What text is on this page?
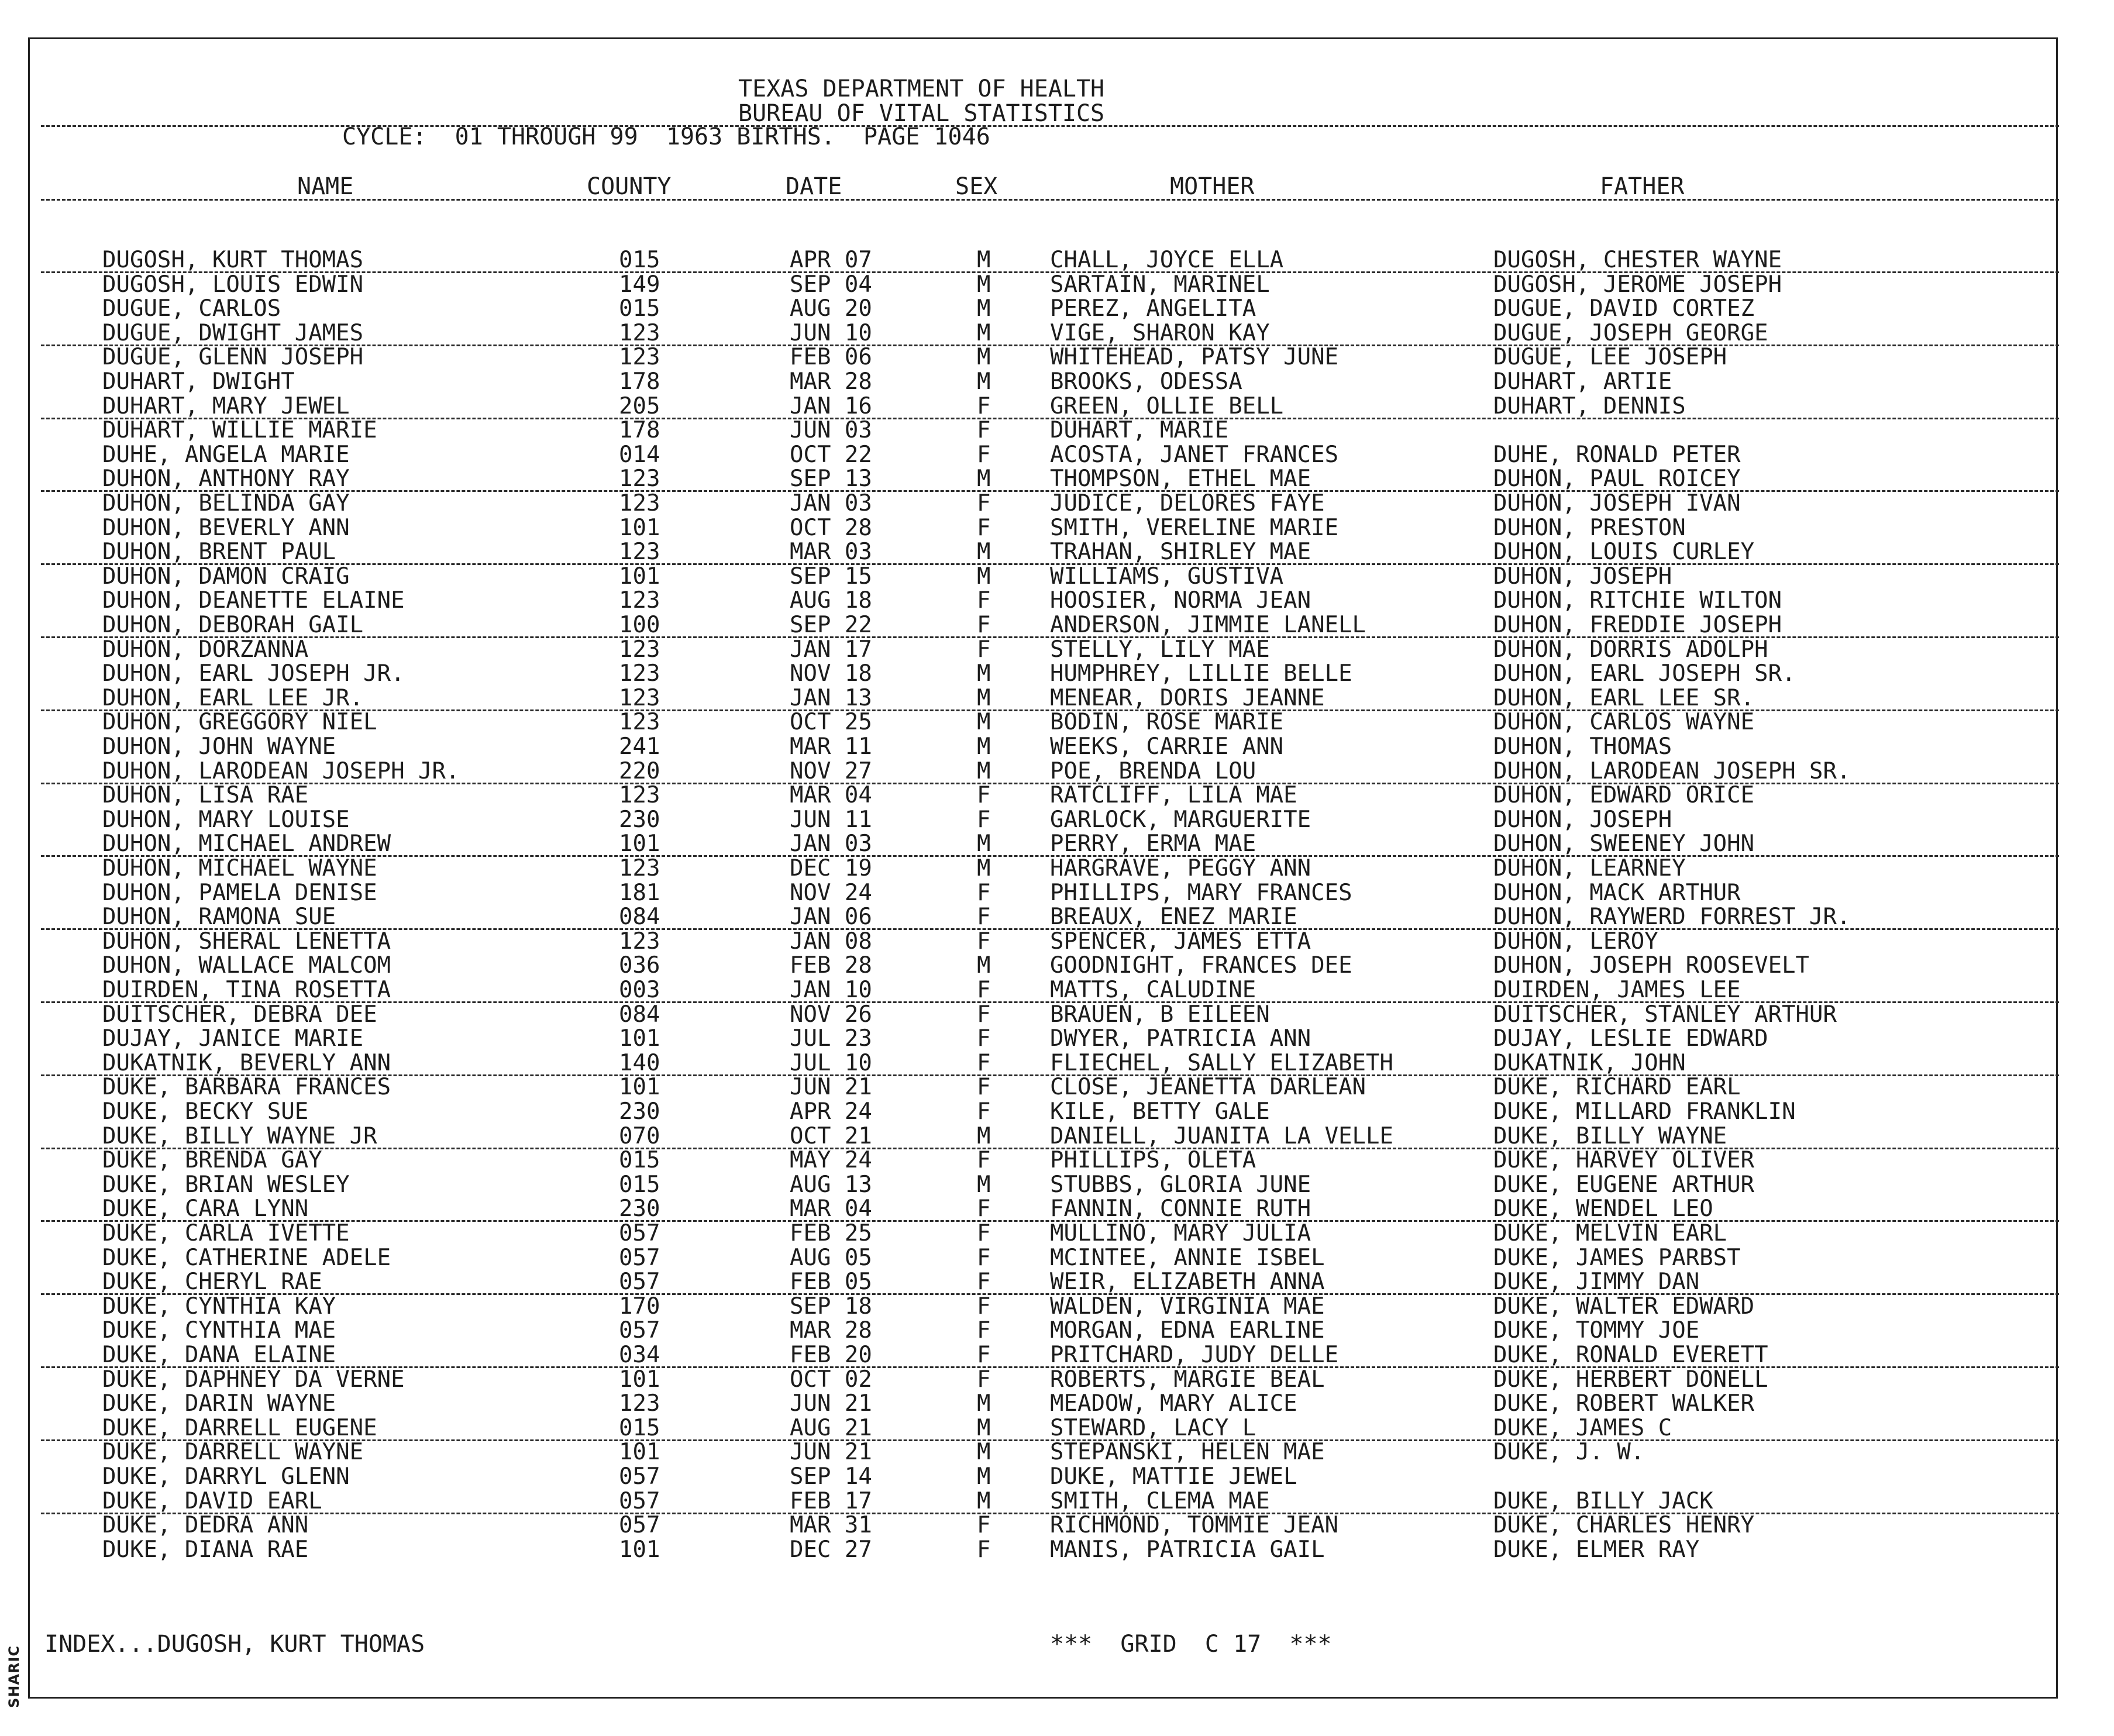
SHARIC
TEXAS DEPARTMENT OF HEALTH
BUREAU OF VITAL STATISTICS
CYCLE:  01 THROUGH 99  1963 BIRTHS.  PAGE 1046
NAME	COUNTY	DATE	SEX	MOTHER	FATHER
DUGOSH, KURT THOMAS	015	APR 07	M	CHALL, JOYCE ELLA	DUGOSH, CHESTER WAYNE
DUGOSH, LOUIS EDWIN	149	SEP 04	M	SARTAIN, MARINEL	DUGOSH, JEROME JOSEPH
DUGUE, CARLOS	015	AUG 20	M	PEREZ, ANGELITA	DUGUE, DAVID CORTEZ
DUGUE, DWIGHT JAMES	123	JUN 10	M	VIGE, SHARON KAY	DUGUE, JOSEPH GEORGE
DUGUE, GLENN JOSEPH	123	FEB 06	M	WHITEHEAD, PATSY JUNE	DUGUE, LEE JOSEPH
DUHART, DWIGHT	178	MAR 28	M	BROOKS, ODESSA	DUHART, ARTIE
DUHART, MARY JEWEL	205	JAN 16	F	GREEN, OLLIE BELL	DUHART, DENNIS
DUHART, WILLIE MARIE	178	JUN 03	F	DUHART, MARIE
DUHE, ANGELA MARIE	014	OCT 22	F	ACOSTA, JANET FRANCES	DUHE, RONALD PETER
DUHON, ANTHONY RAY	123	SEP 13	M	THOMPSON, ETHEL MAE	DUHON, PAUL ROICEY
DUHON, BELINDA GAY	123	JAN 03	F	JUDICE, DELORES FAYE	DUHON, JOSEPH IVAN
DUHON, BEVERLY ANN	101	OCT 28	F	SMITH, VERELINE MARIE	DUHON, PRESTON
DUHON, BRENT PAUL	123	MAR 03	M	TRAHAN, SHIRLEY MAE	DUHON, LOUIS CURLEY
DUHON, DAMON CRAIG	101	SEP 15	M	WILLIAMS, GUSTIVA	DUHON, JOSEPH
DUHON, DEANETTE ELAINE	123	AUG 18	F	HOOSIER, NORMA JEAN	DUHON, RITCHIE WILTON
DUHON, DEBORAH GAIL	100	SEP 22	F	ANDERSON, JIMMIE LANELL	DUHON, FREDDIE JOSEPH
DUHON, DORZANNA	123	JAN 17	F	STELLY, LILY MAE	DUHON, DORRIS ADOLPH
DUHON, EARL JOSEPH JR.	123	NOV 18	M	HUMPHREY, LILLIE BELLE	DUHON, EARL JOSEPH SR.
DUHON, EARL LEE JR.	123	JAN 13	M	MENEAR, DORIS JEANNE	DUHON, EARL LEE SR.
DUHON, GREGGORY NIEL	123	OCT 25	M	BODIN, ROSE MARIE	DUHON, CARLOS WAYNE
DUHON, JOHN WAYNE	241	MAR 11	M	WEEKS, CARRIE ANN	DUHON, THOMAS
DUHON, LARODEAN JOSEPH JR.	220	NOV 27	M	POE, BRENDA LOU	DUHON, LARODEAN JOSEPH SR.
DUHON, LISA RAE	123	MAR 04	F	RATCLIFF, LILA MAE	DUHON, EDWARD ORICE
DUHON, MARY LOUISE	230	JUN 11	F	GARLOCK, MARGUERITE	DUHON, JOSEPH
DUHON, MICHAEL ANDREW	101	JAN 03	M	PERRY, ERMA MAE	DUHON, SWEENEY JOHN
DUHON, MICHAEL WAYNE	123	DEC 19	M	HARGRAVE, PEGGY ANN	DUHON, LEARNEY
DUHON, PAMELA DENISE	181	NOV 24	F	PHILLIPS, MARY FRANCES	DUHON, MACK ARTHUR
DUHON, RAMONA SUE	084	JAN 06	F	BREAUX, ENEZ MARIE	DUHON, RAYWERD FORREST JR.
DUHON, SHERAL LENETTA	123	JAN 08	F	SPENCER, JAMES ETTA	DUHON, LEROY
DUHON, WALLACE MALCOM	036	FEB 28	M	GOODNIGHT, FRANCES DEE	DUHON, JOSEPH ROOSEVELT
DUIRDEN, TINA ROSETTA	003	JAN 10	F	MATTS, CALUDINE	DUIRDEN, JAMES LEE
DUITSCHER, DEBRA DEE	084	NOV 26	F	BRAUEN, B EILEEN	DUITSCHER, STANLEY ARTHUR
DUJAY, JANICE MARIE	101	JUL 23	F	DWYER, PATRICIA ANN	DUJAY, LESLIE EDWARD
DUKATNIK, BEVERLY ANN	140	JUL 10	F	FLIECHEL, SALLY ELIZABETH	DUKATNIK, JOHN
DUKE, BARBARA FRANCES	101	JUN 21	F	CLOSE, JEANETTA DARLEAN	DUKE, RICHARD EARL
DUKE, BECKY SUE	230	APR 24	F	KILE, BETTY GALE	DUKE, MILLARD FRANKLIN
DUKE, BILLY WAYNE JR	070	OCT 21	M	DANIELL, JUANITA LA VELLE	DUKE, BILLY WAYNE
DUKE, BRENDA GAY	015	MAY 24	F	PHILLIPS, OLETA	DUKE, HARVEY OLIVER
DUKE, BRIAN WESLEY	015	AUG 13	M	STUBBS, GLORIA JUNE	DUKE, EUGENE ARTHUR
DUKE, CARA LYNN	230	MAR 04	F	FANNIN, CONNIE RUTH	DUKE, WENDEL LEO
DUKE, CARLA IVETTE	057	FEB 25	F	MULLINO, MARY JULIA	DUKE, MELVIN EARL
DUKE, CATHERINE ADELE	057	AUG 05	F	MCINTEE, ANNIE ISBEL	DUKE, JAMES PARBST
DUKE, CHERYL RAE	057	FEB 05	F	WEIR, ELIZABETH ANNA	DUKE, JIMMY DAN
DUKE, CYNTHIA KAY	170	SEP 18	F	WALDEN, VIRGINIA MAE	DUKE, WALTER EDWARD
DUKE, CYNTHIA MAE	057	MAR 28	F	MORGAN, EDNA EARLINE	DUKE, TOMMY JOE
DUKE, DANA ELAINE	034	FEB 20	F	PRITCHARD, JUDY DELLE	DUKE, RONALD EVERETT
DUKE, DAPHNEY DA VERNE	101	OCT 02	F	ROBERTS, MARGIE BEAL	DUKE, HERBERT DONELL
DUKE, DARIN WAYNE	123	JUN 21	M	MEADOW, MARY ALICE	DUKE, ROBERT WALKER
DUKE, DARRELL EUGENE	015	AUG 21	M	STEWARD, LACY L	DUKE, JAMES C
DUKE, DARRELL WAYNE	101	JUN 21	M	STEPANSKI, HELEN MAE	DUKE, J. W.
DUKE, DARRYL GLENN	057	SEP 14	M	DUKE, MATTIE JEWEL
DUKE, DAVID EARL	057	FEB 17	M	SMITH, CLEMA MAE	DUKE, BILLY JACK
DUKE, DEDRA ANN	057	MAR 31	F	RICHMOND, TOMMIE JEAN	DUKE, CHARLES HENRY
DUKE, DIANA RAE	101	DEC 27	F	MANIS, PATRICIA GAIL	DUKE, ELMER RAY
INDEX...DUGOSH, KURT THOMAS	***  GRID  C 17  ***
